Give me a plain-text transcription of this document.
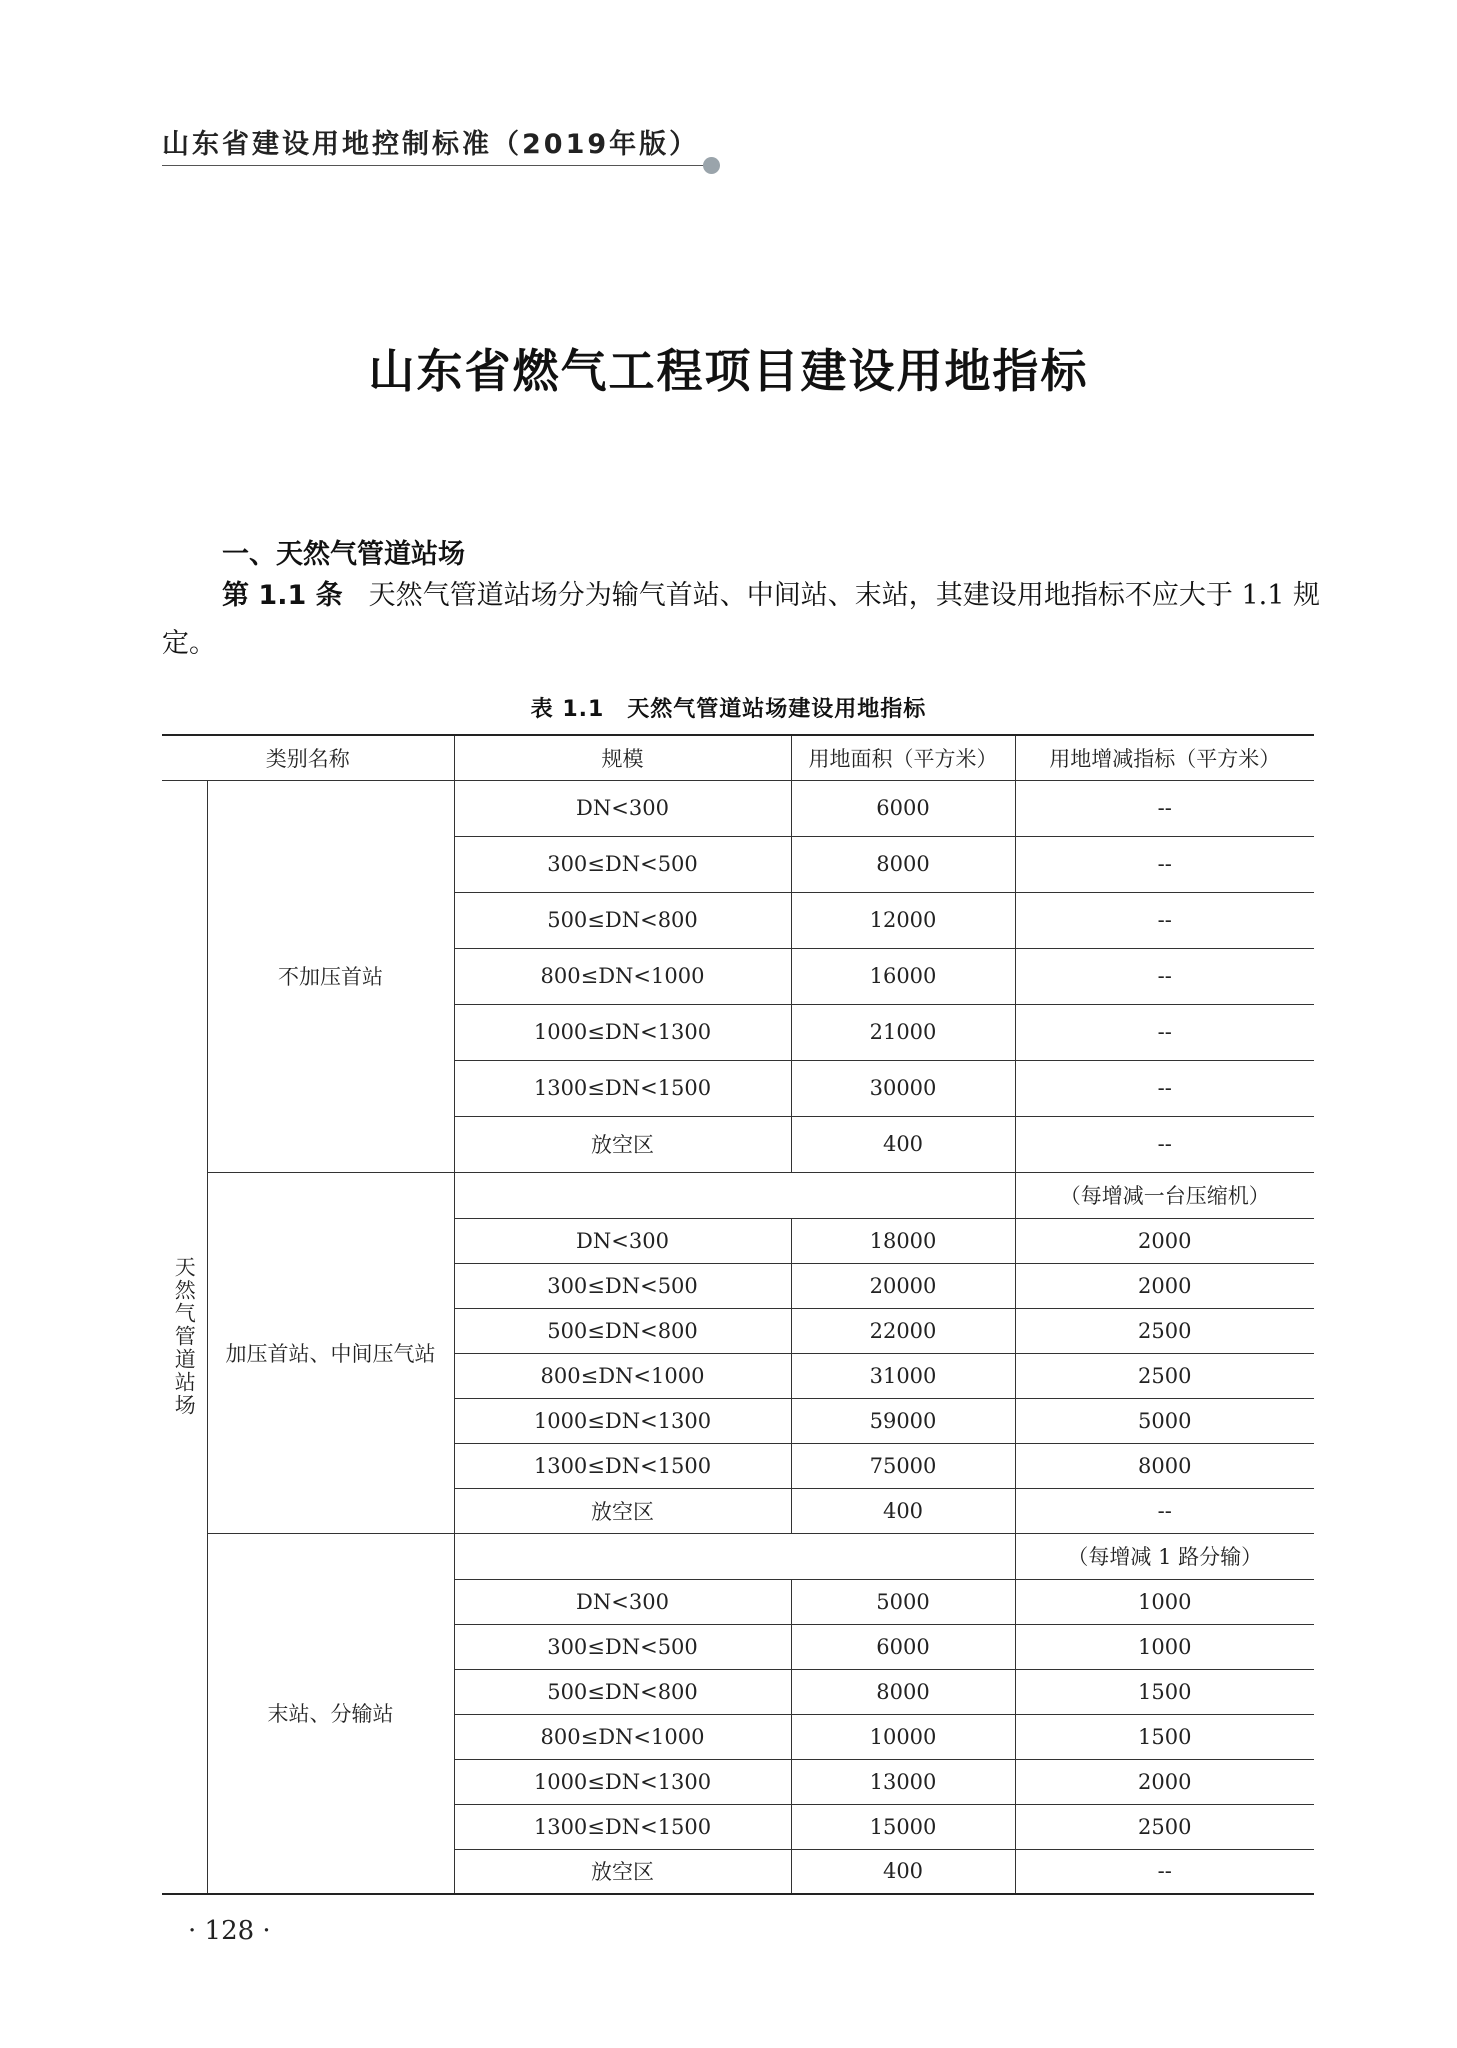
山东省建设用地控制标准（2019年版）
山东省燃气工程项目建设用地指标
一、天然气管道站场
第 1.1 条 天然气管道站场分为输气首站、中间站、末站，其建设用地指标不应大于 1.1 规定。
表 1.1　天然气管道站场建设用地指标
类别名称		规模	用地面积（平方米）	用地增减指标（平方米）

天然气管道站场	不加压首站	DN<300	6000	--
		300≤DN<500	8000	--
		500≤DN<800	12000	--
		800≤DN<1000	16000	--
		1000≤DN<1300	21000	--
		1300≤DN<1500	30000	--
		放空区	400	--
	加压首站、中间压气站			（每增减一台压缩机）
		DN<300	18000	2000
		300≤DN<500	20000	2000
		500≤DN<800	22000	2500
		800≤DN<1000	31000	2500
		1000≤DN<1300	59000	5000
		1300≤DN<1500	75000	8000
		放空区	400	--
	末站、分输站			（每增减 1 路分输）
		DN<300	5000	1000
		300≤DN<500	6000	1000
		500≤DN<800	8000	1500
		800≤DN<1000	10000	1500
		1000≤DN<1300	13000	2000
		1300≤DN<1500	15000	2500
		放空区	400	--
· 128 ·
